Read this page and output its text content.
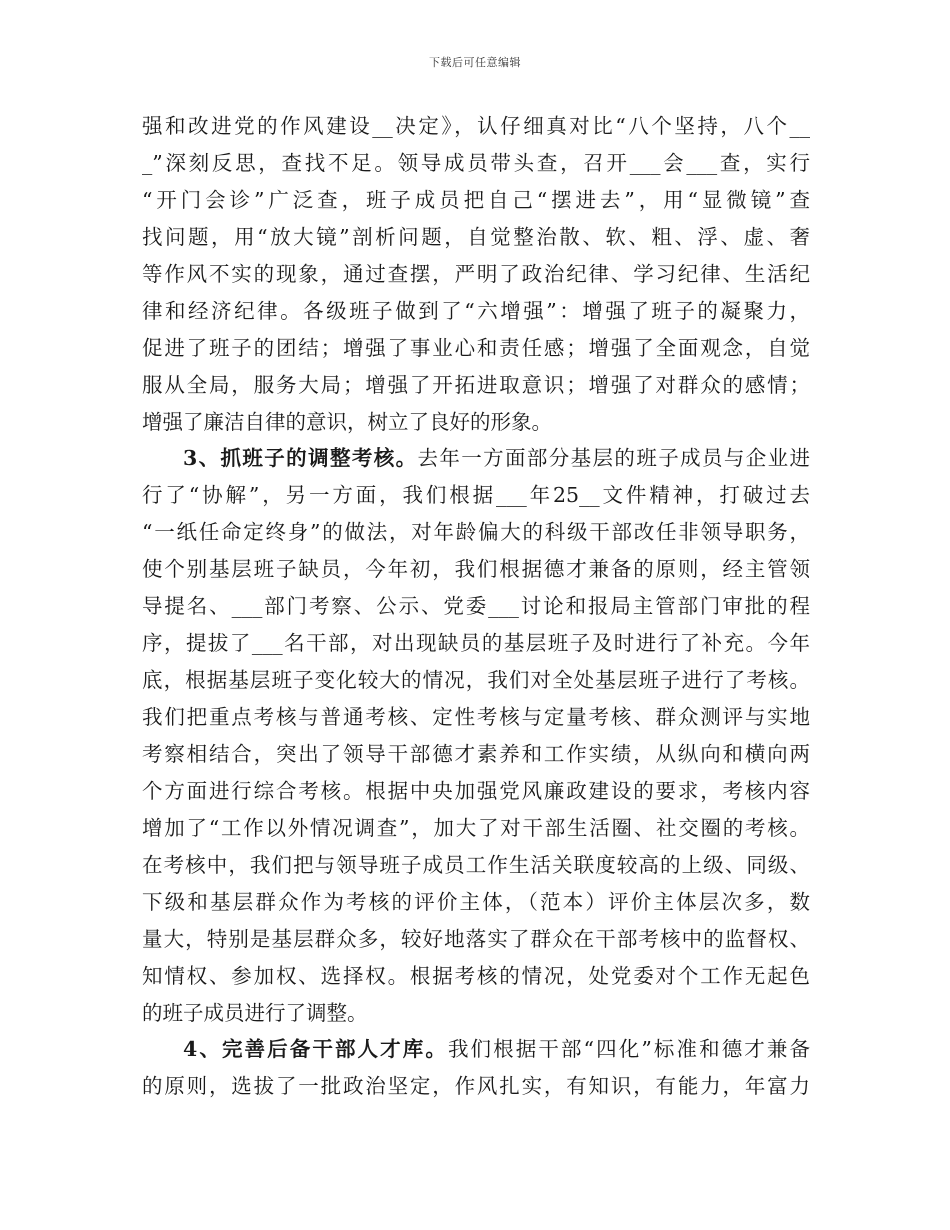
下载后可任意编辑
强和改进党的作风建设__决定》，认仔细真对比“八个坚持，八个__
_”深刻反思，查找不足。领导成员带头查，召开___会___查，实行
“开门会诊”广泛查，班子成员把自己“摆进去”，用“显微镜”查
找问题，用“放大镜”剖析问题，自觉整治散、软、粗、浮、虚、奢
等作风不实的现象，通过查摆，严明了政治纪律、学习纪律、生活纪
律和经济纪律。各级班子做到了“六增强”：增强了班子的凝聚力，
促进了班子的团结；增强了事业心和责任感；增强了全面观念，自觉
服从全局，服务大局；增强了开拓进取意识；增强了对群众的感情；
增强了廉洁自律的意识，树立了良好的形象。
3、抓班子的调整考核。去年一方面部分基层的班子成员与企业进
行了“协解”，另一方面，我们根据___年25__文件精神，打破过去
“一纸任命定终身”的做法，对年龄偏大的科级干部改任非领导职务，
使个别基层班子缺员，今年初，我们根据德才兼备的原则，经主管领
导提名、___部门考察、公示、党委___讨论和报局主管部门审批的程
序，提拔了___名干部，对出现缺员的基层班子及时进行了补充。今年
底，根据基层班子变化较大的情况，我们对全处基层班子进行了考核。
我们把重点考核与普通考核、定性考核与定量考核、群众测评与实地
考察相结合，突出了领导干部德才素养和工作实绩，从纵向和横向两
个方面进行综合考核。根据中央加强党风廉政建设的要求，考核内容
增加了“工作以外情况调查”，加大了对干部生活圈、社交圈的考核。
在考核中，我们把与领导班子成员工作生活关联度较高的上级、同级、
下级和基层群众作为考核的评价主体，（范本）评价主体层次多，数
量大，特别是基层群众多，较好地落实了群众在干部考核中的监督权、
知情权、参加权、选择权。根据考核的情况，处党委对个工作无起色
的班子成员进行了调整。
4、完善后备干部人才库。我们根据干部“四化”标准和德才兼备
的原则，选拔了一批政治坚定，作风扎实，有知识，有能力，年富力
